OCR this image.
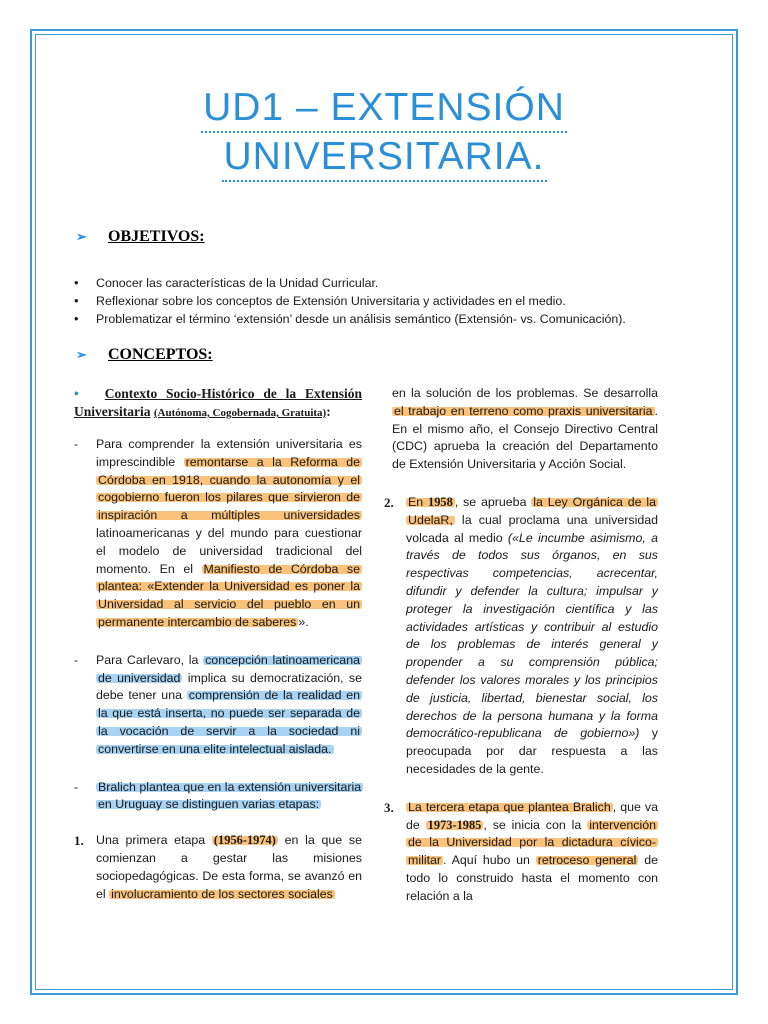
UD1 – EXTENSIÓN
UNIVERSITARIA.
➢ OBJETIVOS:
• Conocer las características de la Unidad Curricular.
• Reflexionar sobre los conceptos de Extensión Universitaria y actividades en el medio.
• Problematizar el término ‘extensión’ desde un análisis semántico (Extensión- vs. Comunicación).
➢ CONCEPTOS:

• Contexto Socio-Histórico de la Extensión Universitaria (Autónoma, Cogobernada, Gratuita):

- Para comprender la extensión universitaria es imprescindible remontarse a la Reforma de Córdoba en 1918, cuando la autonomía y el cogobierno fueron los pilares que sirvieron de inspiración a múltiples universidades latinoamericanas y del mundo para cuestionar el modelo de universidad tradicional del momento. En el Manifiesto de Córdoba se plantea: «Extender la Universidad es poner la Universidad al servicio del pueblo en un permanente intercambio de saberes ».
- Para Carlevaro, la concepción latinoamericana de universidad implica su democratización, se debe tener una comprensión de la realidad en la que está inserta, no puede ser separada de la vocación de servir a la sociedad ni convertirse en una elite intelectual aislada.
- Bralich plantea que en la extensión universitaria en Uruguay se distinguen varias etapas:
1. Una primera etapa (1956-1974) en la que se comienzan a gestar las misiones sociopedagógicas. De esta forma, se avanzó en el involucramiento de los sectores sociales

en la solución de los problemas. Se desarrolla el trabajo en terreno como praxis universitaria . En el mismo año, el Consejo Directivo Central (CDC) aprueba la creación del Departamento de Extensión Universitaria y Acción Social.

2. En 1958 , se aprueba la Ley Orgánica de la UdelaR, la cual proclama una universidad volcada al medio («Le incumbe asimismo, a través de todos sus órganos, en sus respectivas competencias, acrecentar, difundir y defender la cultura; impulsar y proteger la investigación científica y las actividades artísticas y contribuir al estudio de los problemas de interés general y propender a su comprensión pública; defender los valores morales y los principios de justicia, libertad, bienestar social, los derechos de la persona humana y la forma democrático-republicana de gobierno») y preocupada por dar respuesta a las necesidades de la gente.
3. La tercera etapa que plantea Bralich , que va de 1973-1985 , se inicia con la intervención de la Universidad por la dictadura cívico-militar . Aquí hubo un retroceso general de todo lo construido hasta el momento con relación a la
